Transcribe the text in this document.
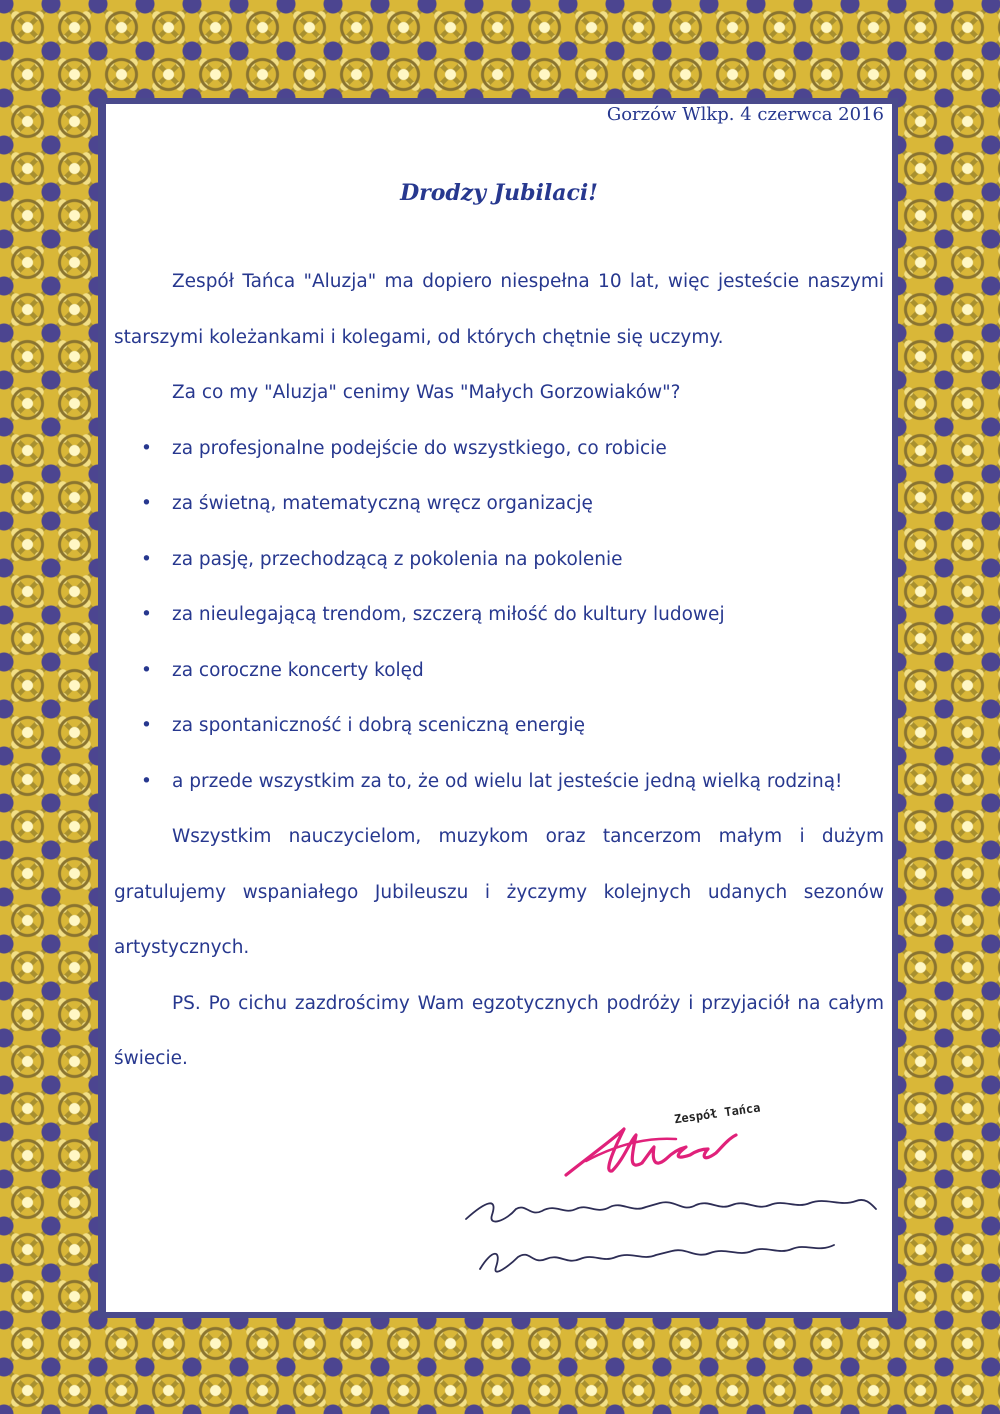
Gorzów Wlkp. 4 czerwca 2016
Drodzy Jubilaci!

Zespół Tańca "Aluzja" ma dopiero niespełna 10 lat, więc jesteście naszymi starszymi koleżankami i kolegami, od których chętnie się uczymy.

Za co my "Aluzja" cenimy Was "Małych Gorzowiaków"?

• za profesjonalne podejście do wszystkiego, co robicie
• za świetną, matematyczną wręcz organizację
• za pasję, przechodzącą z pokolenia na pokolenie
• za nieulegającą trendom, szczerą miłość do kultury ludowej
• za coroczne koncerty kolęd
• za spontaniczność i dobrą sceniczną energię
• a przede wszystkim za to, że od wielu lat jesteście jedną wielką rodziną!

Wszystkim nauczycielom, muzykom oraz tancerzom małym i dużym gratulujemy wspaniałego Jubileuszu i życzymy kolejnych udanych sezonów artystycznych.

PS. Po cichu zazdrościmy Wam egzotycznych podróży i przyjaciół na całym świecie.

Zespół Tańca
